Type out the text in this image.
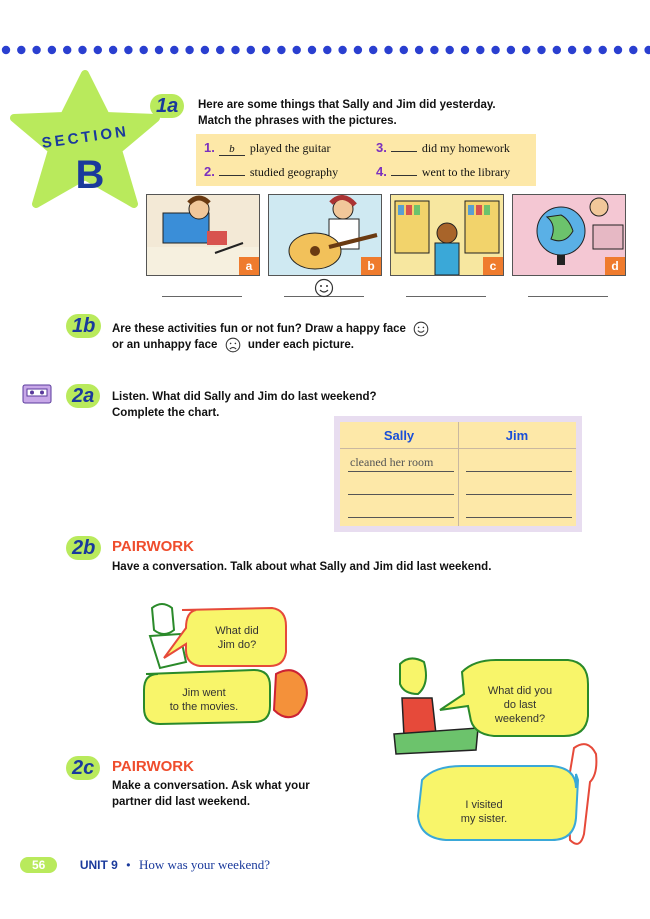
SECTION
B
1a	Here are some things that Sally and Jim did yesterday.
Match the phrases with the pictures.
1. b played the guitar
2.	studied geography
3.	did my homework
4.	went to the library
a	b	c	d
1b	Are these activities fun or not fun? Draw a happy face
or an unhappy face	under each picture.
2a	Listen. What did Sally and Jim do last weekend?
Complete the chart.
Sally	Jim
cleaned her room
2b	PAIRWORK
Have a conversation. Talk about what Sally and Jim did last weekend.
What did
Jim do?
Jim went
to the movies.
What did you
do last
weekend?
I visited
my sister.
2c	PAIRWORK
Make a conversation. Ask what your
partner did last weekend.
56	UNIT 9 • How was your weekend?
